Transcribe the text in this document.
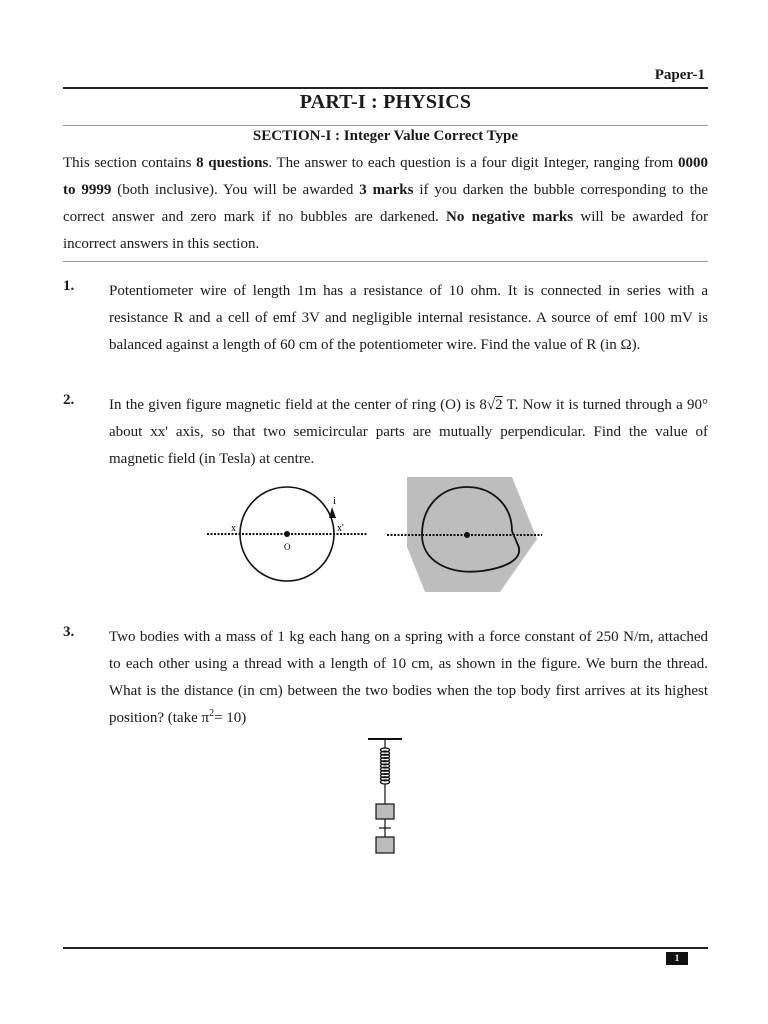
Paper-1
PART-I : PHYSICS
SECTION-I : Integer Value Correct Type

This section contains 8 questions. The answer to each question is a four digit Integer, ranging from 0000 to 9999 (both inclusive). You will be awarded 3 marks if you darken the bubble corresponding to the correct answer and zero mark if no bubbles are darkened. No negative marks will be awarded for incorrect answers in this section.

1. Potentiometer wire of length 1m has a resistance of 10 ohm. It is connected in series with a resistance R and a cell of emf 3V and negligible internal resistance. A source of emf 100 mV is balanced against a length of 60 cm of the potentiometer wire. Find the value of R (in Ω).

2. In the given figure magnetic field at the center of ring (O) is 8√2 T. Now it is turned through a 90° about xx' axis, so that two semicircular parts are mutually perpendicular. Find the value of magnetic field (in Tesla) at centre.

x	x'
i
O
3. Two bodies with a mass of 1 kg each hang on a spring with a force constant of 250 N/m, attached to each other using a thread with a length of 10 cm, as shown in the figure. We burn the thread. What is the distance (in cm) between the two bodies when the top body first arrives at its highest position? (take $\pi^2= 10$)

1
